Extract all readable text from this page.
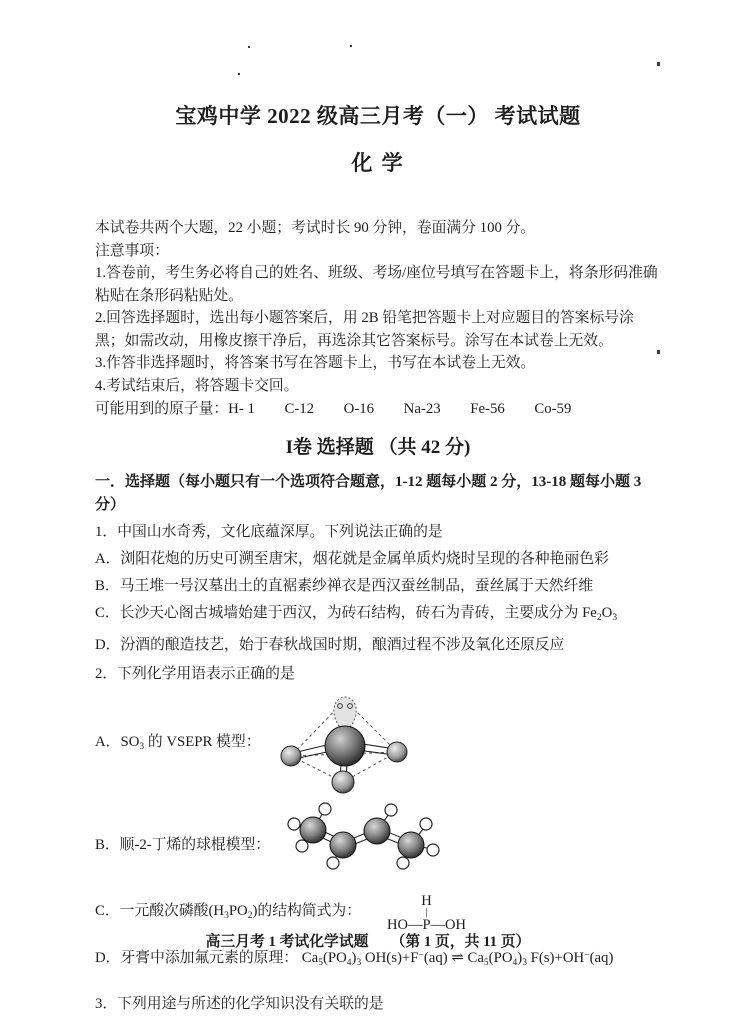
宝鸡中学 2022 级高三月考（一） 考试试题
化 学

本试卷共两个大题，22 小题；考试时长 90 分钟，卷面满分 100 分。

注意事项：

1.答卷前，考生务必将自己的姓名、班级、考场/座位号填写在答题卡上，将条形码准确粘贴在条形码粘贴处。

2.回答选择题时，选出每小题答案后，用 2B 铅笔把答题卡上对应题目的答案标号涂黑；如需改动，用橡皮擦干净后，再选涂其它答案标号。涂写在本试卷上无效。

3.作答非选择题时，将答案书写在答题卡上，书写在本试卷上无效。

4.考试结束后，将答题卡交回。

可能用到的原子量：H- 1　　C-12　　O-16　　Na-23　　Fe-56　　Co-59

I卷 选择题 （共 42 分)

一．选择题（每小题只有一个选项符合题意，1-12 题每小题 2 分，13-18 题每小题 3 分）

1．中国山水奇秀，文化底蕴深厚。下列说法正确的是

A．浏阳花炮的历史可溯至唐宋，烟花就是金属单质灼烧时呈现的各种艳丽色彩

B．马王堆一号汉墓出土的直裾素纱禅衣是西汉蚕丝制品，蚕丝属于天然纤维

C．长沙天心阁古城墙始建于西汉，为砖石结构，砖石为青砖，主要成分为 $Fe_2O_3$

D．汾酒的酿造技艺，始于春秋战国时期，酿酒过程不涉及氧化还原反应

2．下列化学用语表示正确的是

A．$SO_3$ 的 VSEPR 模型：
B．顺-2-丁烯的球棍模型：
C．一元酸次磷酸$(H_3PO_2)$的结构简式为：
H
|
HO—P—OH

D．牙膏中添加氟元素的原理： $Ca_5(PO_4)_3$ OH(s)+F−(aq) ⇌ $Ca_5(PO_4)_3$ F(s)+OH−(aq)

3．下列用途与所述的化学知识没有关联的是

高三月考 1 考试化学试题　　（第 1 页，共 11 页）
